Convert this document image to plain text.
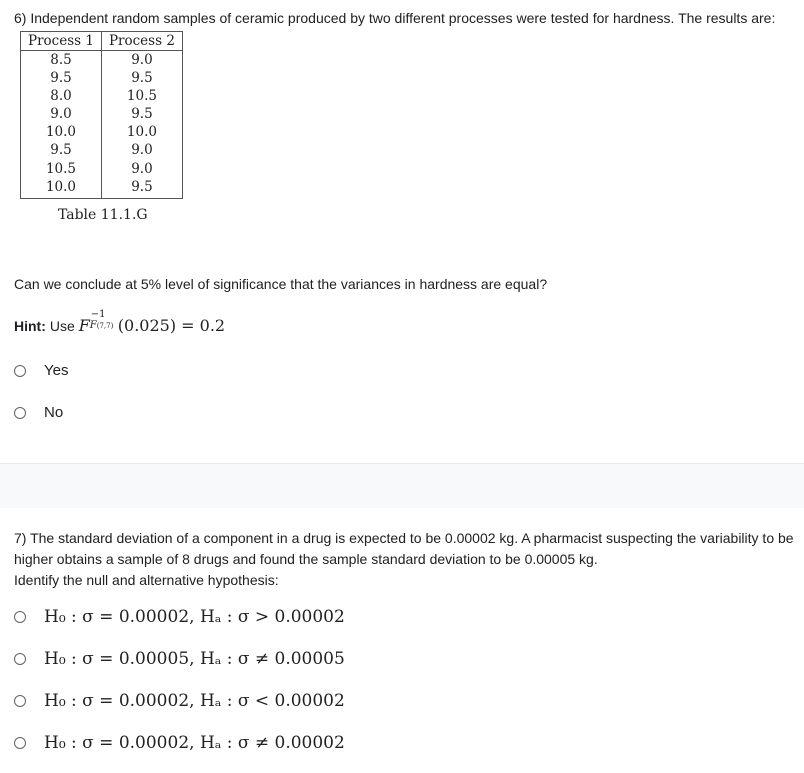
6) Independent random samples of ceramic produced by two different processes were tested for hardness. The results are:
Process 1	Process 2
8.5	9.0
9.5	9.5
8.0	10.5
9.0	9.5
10.0	10.0
9.5	9.0
10.5	9.0
10.0	9.5
Table 11.1.G
Can we conclude at 5% level of significance that the variances in hardness are equal?
Hint: Use
F
−1
F(7,7) (0.025) = 0.2
Yes
No
7) The standard deviation of a component in a drug is expected to be 0.00002 kg. A pharmacist suspecting the variability to be higher obtains a sample of 8 drugs and found the sample standard deviation to be 0.00005 kg.
Identify the null and alternative hypothesis:
H₀ : σ = 0.00002, Hₐ : σ > 0.00002
H₀ : σ = 0.00005, Hₐ : σ ≠ 0.00005
H₀ : σ = 0.00002, Hₐ : σ < 0.00002
H₀ : σ = 0.00002, Hₐ : σ ≠ 0.00002
